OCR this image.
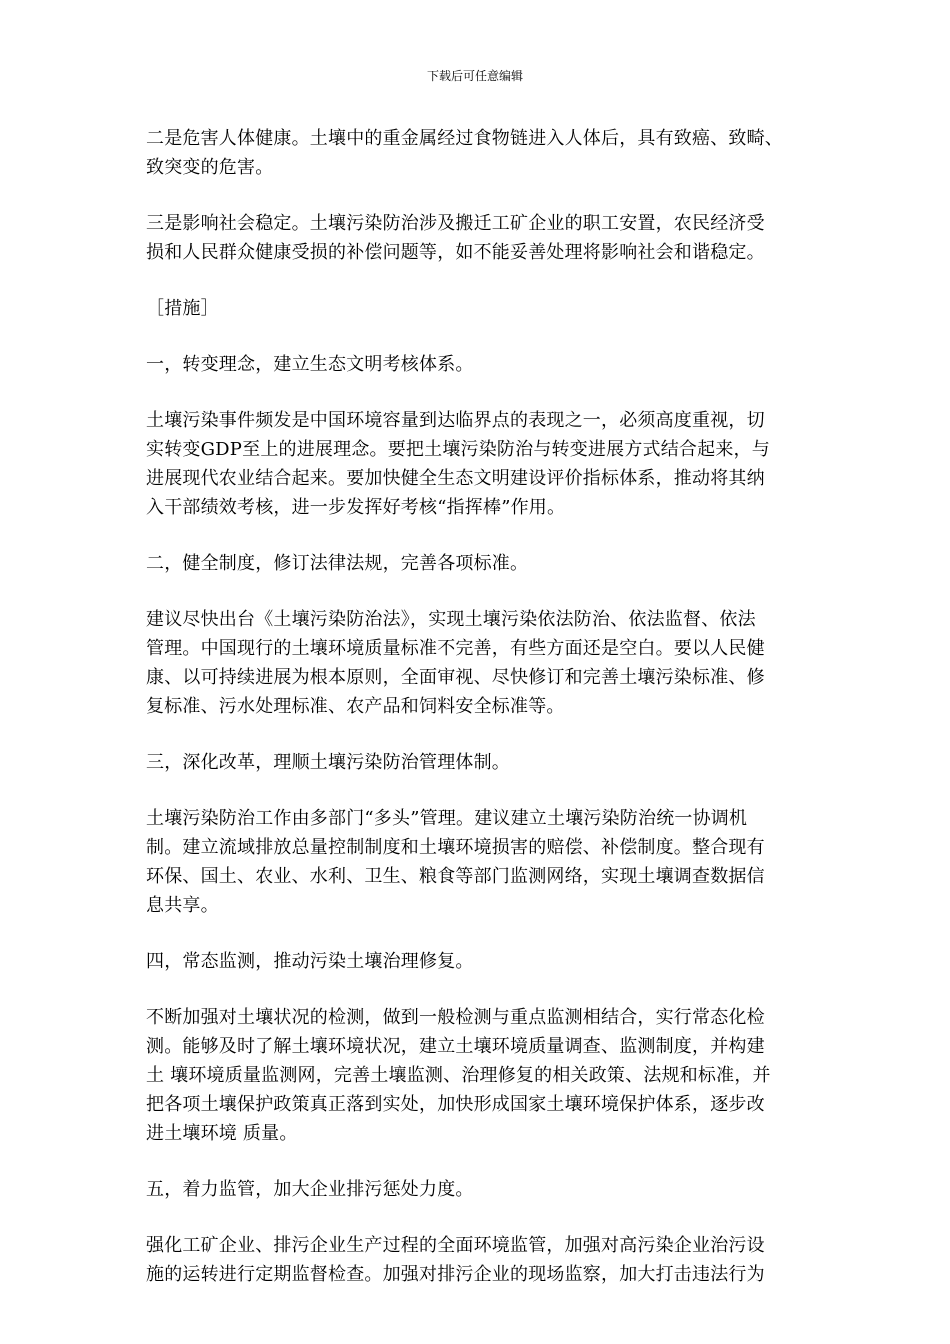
下载后可任意编辑

二是危害人体健康。土壤中的重金属经过食物链进入人体后，具有致癌、致畸、
致突变的危害。

三是影响社会稳定。土壤污染防治涉及搬迁工矿企业的职工安置，农民经济受
损和人民群众健康受损的补偿问题等，如不能妥善处理将影响社会和谐稳定。

［措施］

一，转变理念，建立生态文明考核体系。

土壤污染事件频发是中国环境容量到达临界点的表现之一，必须高度重视，切
实转变GDP至上的进展理念。要把土壤污染防治与转变进展方式结合起来，与
进展现代农业结合起来。要加快健全生态文明建设评价指标体系，推动将其纳
入干部绩效考核，进一步发挥好考核“指挥棒”作用。

二，健全制度，修订法律法规，完善各项标准。

建议尽快出台《土壤污染防治法》，实现土壤污染依法防治、依法监督、依法
管理。中国现行的土壤环境质量标准不完善，有些方面还是空白。要以人民健
康、以可持续进展为根本原则，全面审视、尽快修订和完善土壤污染标准、修
复标准、污水处理标准、农产品和饲料安全标准等。

三，深化改革，理顺土壤污染防治管理体制。

土壤污染防治工作由多部门“多头”管理。建议建立土壤污染防治统一协调机
制。建立流域排放总量控制制度和土壤环境损害的赔偿、补偿制度。整合现有
环保、国土、农业、水利、卫生、粮食等部门监测网络，实现土壤调查数据信
息共享。

四，常态监测，推动污染土壤治理修复。

不断加强对土壤状况的检测，做到一般检测与重点监测相结合，实行常态化检
测。能够及时了解土壤环境状况，建立土壤环境质量调查、监测制度，并构建
土 壤环境质量监测网，完善土壤监测、治理修复的相关政策、法规和标准，并
把各项土壤保护政策真正落到实处，加快形成国家土壤环境保护体系，逐步改
进土壤环境 质量。

五，着力监管，加大企业排污惩处力度。

强化工矿企业、排污企业生产过程的全面环境监管，加强对高污染企业治污设
施的运转进行定期监督检查。加强对排污企业的现场监察，加大打击违法行为
